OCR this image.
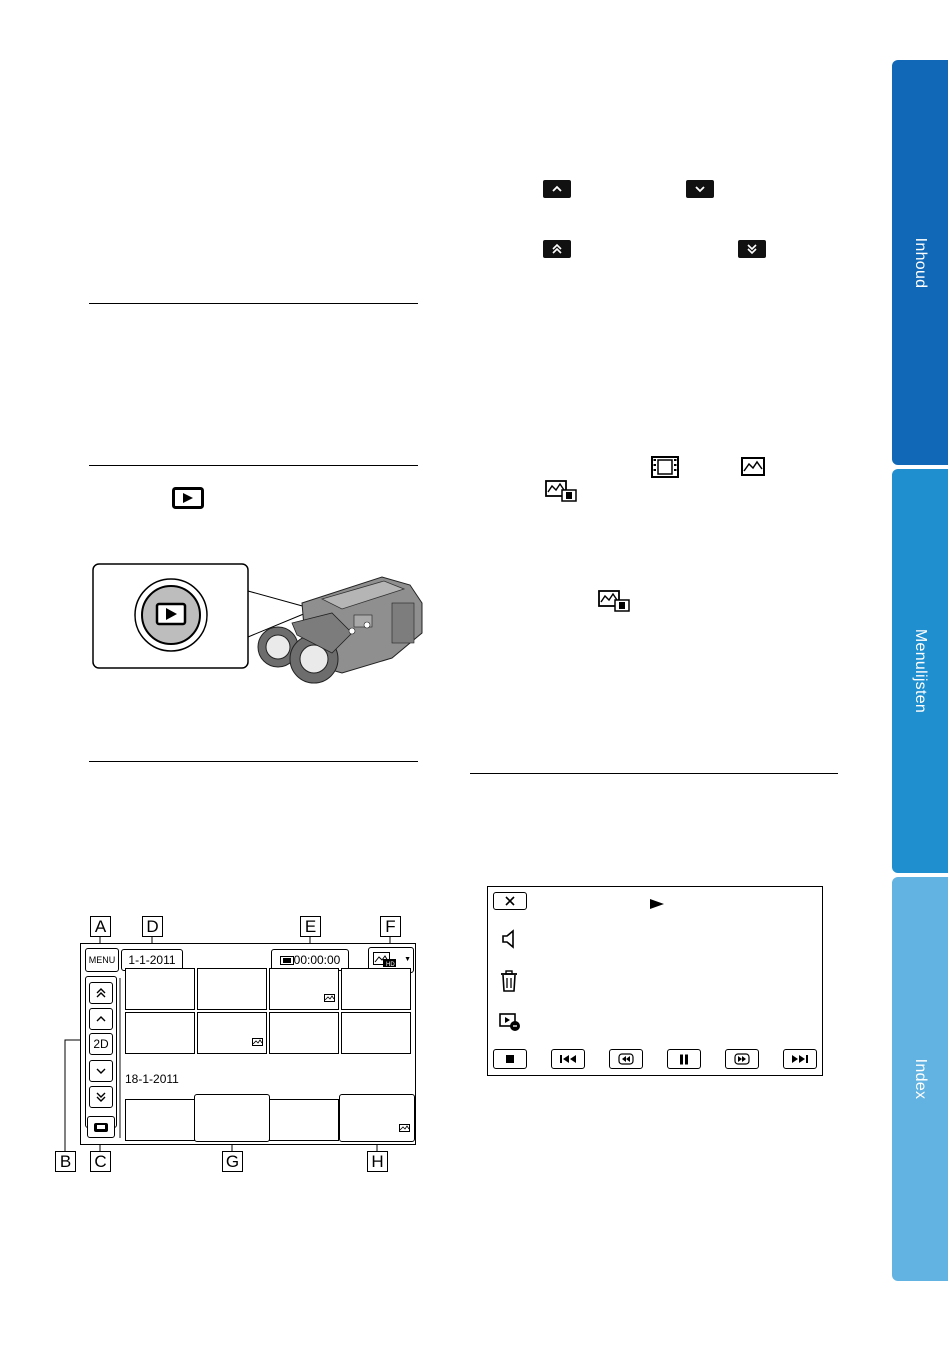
A D	E	F
MENU	1-1-2011	00:00:00	HD
▼
2D
18-1-2011
B C	G	H
Inhoud
Menulijsten
Index
